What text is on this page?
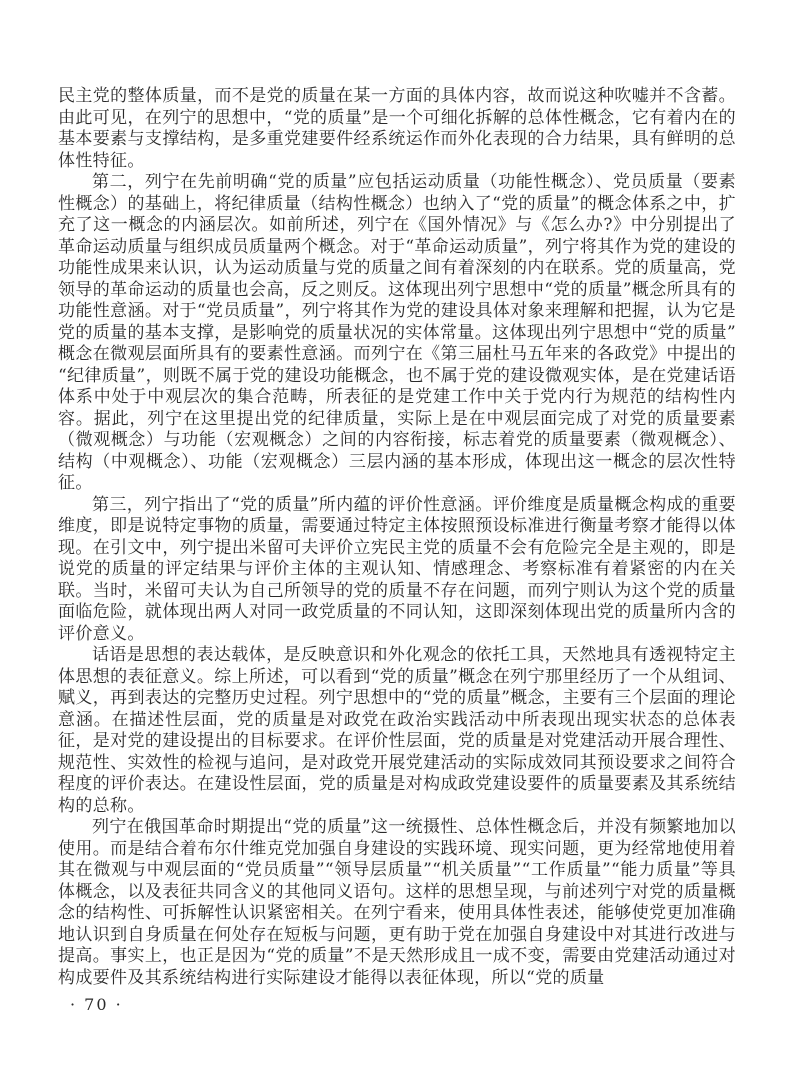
民主党的整体质量，而不是党的质量在某一方面的具体内容，故而说这种吹嘘并不含蓄。由此可见，在列宁的思想中，“党的质量”是一个可细化拆解的总体性概念，它有着内在的基本要素与支撑结构，是多重党建要件经系统运作而外化表现的合力结果，具有鲜明的总体性特征。

第二，列宁在先前明确“党的质量”应包括运动质量（功能性概念）、党员质量（要素性概念）的基础上，将纪律质量（结构性概念）也纳入了“党的质量”的概念体系之中，扩充了这一概念的内涵层次。如前所述，列宁在《国外情况》与《怎么办?》中分别提出了革命运动质量与组织成员质量两个概念。对于“革命运动质量”，列宁将其作为党的建设的功能性成果来认识，认为运动质量与党的质量之间有着深刻的内在联系。党的质量高，党领导的革命运动的质量也会高，反之则反。这体现出列宁思想中“党的质量”概念所具有的功能性意涵。对于“党员质量”，列宁将其作为党的建设具体对象来理解和把握，认为它是党的质量的基本支撑，是影响党的质量状况的实体常量。这体现出列宁思想中“党的质量”概念在微观层面所具有的要素性意涵。而列宁在《第三届杜马五年来的各政党》中提出的“纪律质量”，则既不属于党的建设功能概念，也不属于党的建设微观实体，是在党建话语体系中处于中观层次的集合范畴，所表征的是党建工作中关于党内行为规范的结构性内容。据此，列宁在这里提出党的纪律质量，实际上是在中观层面完成了对党的质量要素（微观概念）与功能（宏观概念）之间的内容衔接，标志着党的质量要素（微观概念）、结构（中观概念）、功能（宏观概念）三层内涵的基本形成，体现出这一概念的层次性特征。

第三，列宁指出了“党的质量”所内蕴的评价性意涵。评价维度是质量概念构成的重要维度，即是说特定事物的质量，需要通过特定主体按照预设标准进行衡量考察才能得以体现。在引文中，列宁提出米留可夫评价立宪民主党的质量不会有危险完全是主观的，即是说党的质量的评定结果与评价主体的主观认知、情感理念、考察标准有着紧密的内在关联。当时，米留可夫认为自己所领导的党的质量不存在问题，而列宁则认为这个党的质量面临危险，就体现出两人对同一政党质量的不同认知，这即深刻体现出党的质量所内含的评价意义。

话语是思想的表达载体，是反映意识和外化观念的依托工具，天然地具有透视特定主体思想的表征意义。综上所述，可以看到“党的质量”概念在列宁那里经历了一个从组词、赋义，再到表达的完整历史过程。列宁思想中的“党的质量”概念，主要有三个层面的理论意涵。在描述性层面，党的质量是对政党在政治实践活动中所表现出现实状态的总体表征，是对党的建设提出的目标要求。在评价性层面，党的质量是对党建活动开展合理性、规范性、实效性的检视与追问，是对政党开展党建活动的实际成效同其预设要求之间符合程度的评价表达。在建设性层面，党的质量是对构成政党建设要件的质量要素及其系统结构的总称。

列宁在俄国革命时期提出“党的质量”这一统摄性、总体性概念后，并没有频繁地加以使用。而是结合着布尔什维克党加强自身建设的实践环境、现实问题，更为经常地使用着其在微观与中观层面的“党员质量”“领导层质量”“机关质量”“工作质量”“能力质量”等具体概念，以及表征共同含义的其他同义语句。这样的思想呈现，与前述列宁对党的质量概念的结构性、可拆解性认识紧密相关。在列宁看来，使用具体性表述，能够使党更加准确地认识到自身质量在何处存在短板与问题，更有助于党在加强自身建设中对其进行改进与提高。事实上，也正是因为“党的质量”不是天然形成且一成不变，需要由党建活动通过对构成要件及其系统结构进行实际建设才能得以表征体现，所以“党的质量

· 70 ·
